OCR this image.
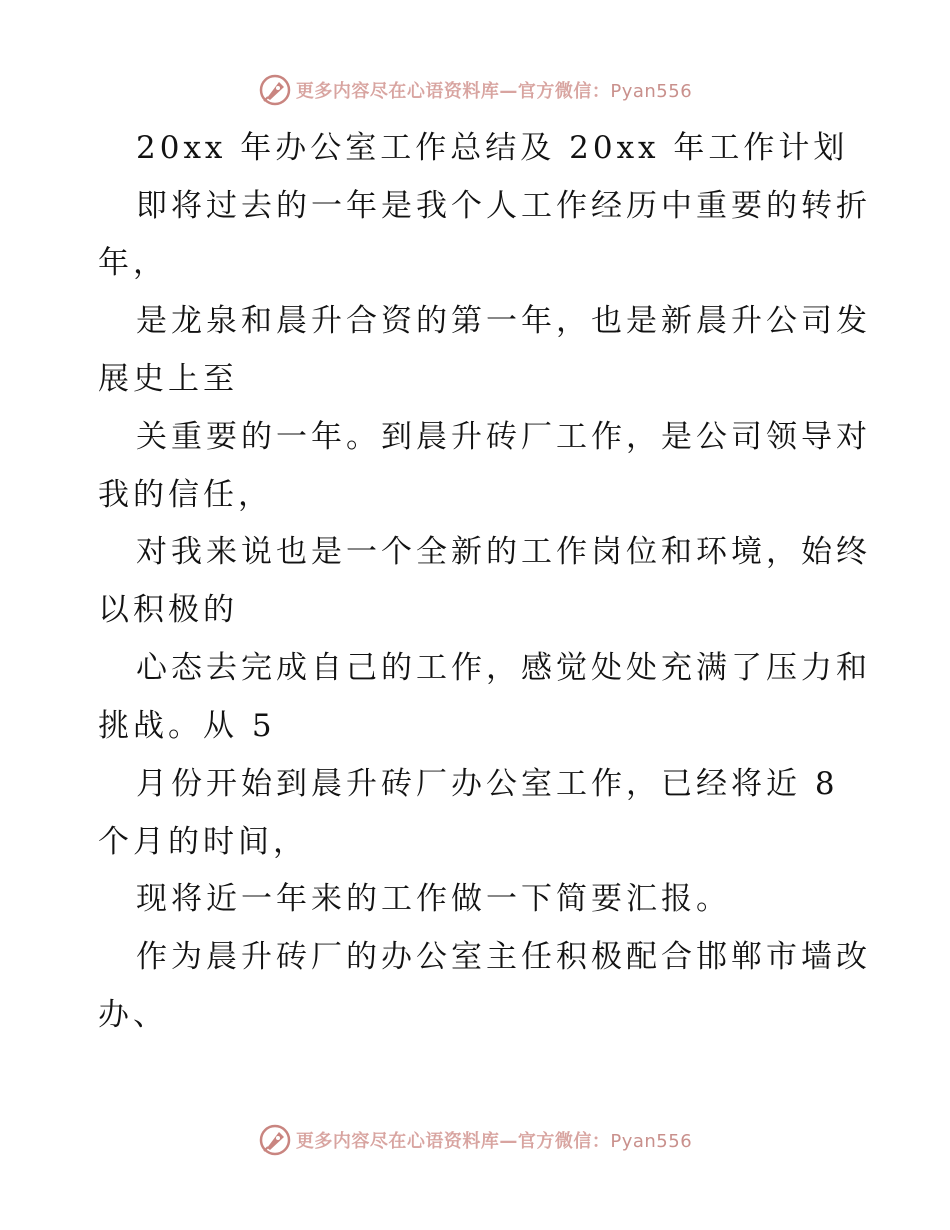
更多内容尽在心语资料库—官方微信：Pyan556
20xx 年办公室工作总结及 20xx 年工作计划
即将过去的一年是我个人工作经历中重要的转折
年，
是龙泉和晨升合资的第一年，也是新晨升公司发
展史上至
关重要的一年。到晨升砖厂工作，是公司领导对
我的信任，
对我来说也是一个全新的工作岗位和环境，始终
以积极的
心态去完成自己的工作，感觉处处充满了压力和
挑战。从 5
月份开始到晨升砖厂办公室工作，已经将近 8
个月的时间，
现将近一年来的工作做一下简要汇报。
作为晨升砖厂的办公室主任积极配合邯郸市墙改
办、
更多内容尽在心语资料库—官方微信：Pyan556
